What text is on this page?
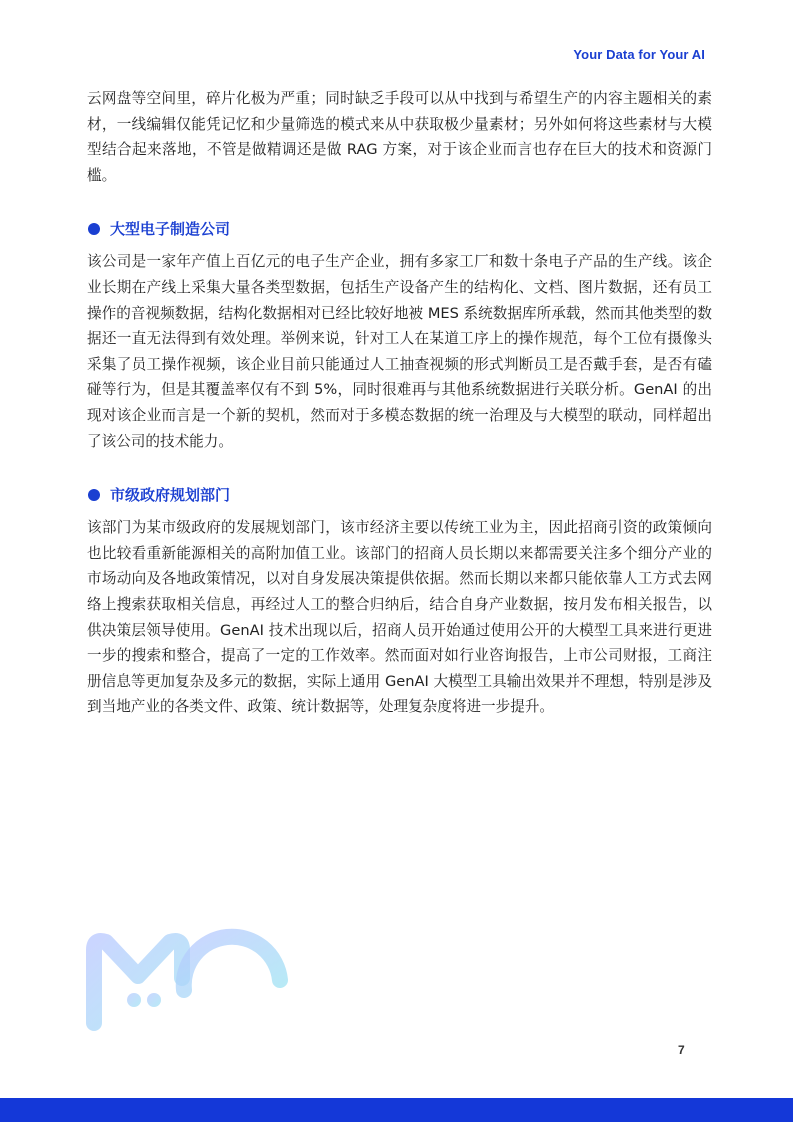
Your Data for Your AI

云网盘等空间里，碎片化极为严重；同时缺乏手段可以从中找到与希望生产的内容主题相关的素材，一线编辑仅能凭记忆和少量筛选的模式来从中获取极少量素材；另外如何将这些素材与大模型结合起来落地，不管是做精调还是做 RAG 方案，对于该企业而言也存在巨大的技术和资源门槛。

大型电子制造公司

该公司是一家年产值上百亿元的电子生产企业，拥有多家工厂和数十条电子产品的生产线。该企业长期在产线上采集大量各类型数据，包括生产设备产生的结构化、文档、图片数据，还有员工操作的音视频数据，结构化数据相对已经比较好地被 MES 系统数据库所承载，然而其他类型的数据还一直无法得到有效处理。举例来说，针对工人在某道工序上的操作规范，每个工位有摄像头采集了员工操作视频，该企业目前只能通过人工抽查视频的形式判断员工是否戴手套，是否有磕碰等行为，但是其覆盖率仅有不到 5%，同时很难再与其他系统数据进行关联分析。GenAI 的出现对该企业而言是一个新的契机，然而对于多模态数据的统一治理及与大模型的联动，同样超出了该公司的技术能力。

市级政府规划部门

该部门为某市级政府的发展规划部门，该市经济主要以传统工业为主，因此招商引资的政策倾向也比较看重新能源相关的高附加值工业。该部门的招商人员长期以来都需要关注多个细分产业的市场动向及各地政策情况，以对自身发展决策提供依据。然而长期以来都只能依靠人工方式去网络上搜索获取相关信息，再经过人工的整合归纳后，结合自身产业数据，按月发布相关报告，以供决策层领导使用。GenAI 技术出现以后，招商人员开始通过使用公开的大模型工具来进行更进一步的搜索和整合，提高了一定的工作效率。然而面对如行业咨询报告，上市公司财报，工商注册信息等更加复杂及多元的数据，实际上通用 GenAI 大模型工具输出效果并不理想，特别是涉及到当地产业的各类文件、政策、统计数据等，处理复杂度将进一步提升。

7
